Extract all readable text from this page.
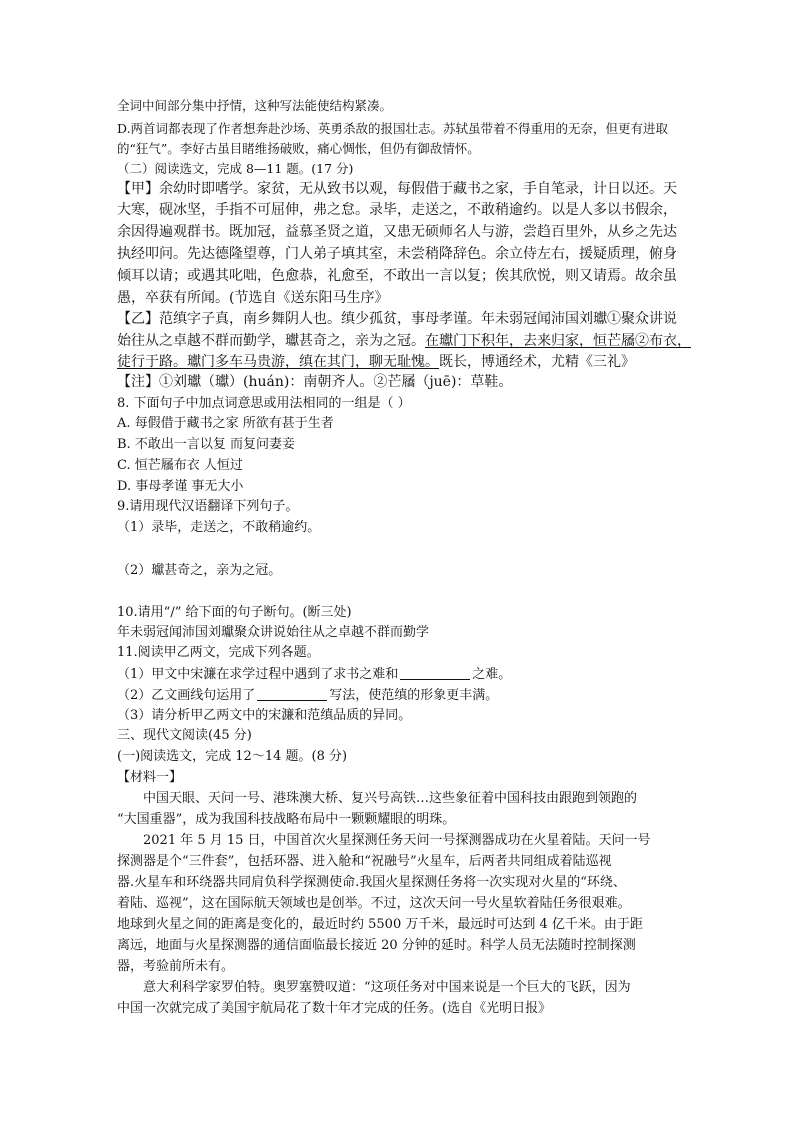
全词中间部分集中抒情，这种写法能使结构紧凑。
D.两首词都表现了作者想奔赴沙场、英勇杀敌的报国壮志。苏轼虽带着不得重用的无奈，但更有进取
的“狂气”。李好古虽目睹维扬破败，痛心惆怅，但仍有御敌情怀。
（二）阅读选文，完成 8—11 题。(17 分)
【甲】余幼时即嗜学。家贫，无从致书以观，每假借于藏书之家，手自笔录，计日以还。天
大寒，砚冰坚，手指不可屈伸，弗之怠。录毕，走送之，不敢稍逾约。以是人多以书假余，
余因得遍观群书。既加冠，益慕圣贤之道，又患无硕师名人与游，尝趋百里外，从乡之先达
执经叩问。先达德隆望尊，门人弟子填其室，未尝稍降辞色。余立侍左右，援疑质理，俯身
倾耳以请；或遇其叱咄，色愈恭，礼愈至，不敢出一言以复；俟其欣悦，则又请焉。故余虽
愚，卒获有所闻。(节选自《送东阳马生序》
【乙】范缜字子真，南乡舞阴人也。缜少孤贫，事母孝谨。年未弱冠闻沛国刘瓛①聚众讲说
始往从之卓越不群而勤学，瓛甚奇之，亲为之冠。在瓛门下积年，去来归家，恒芒屩②布衣，
徒行于路。瓛门多车马贵游，缜在其门，聊无耻愧。既长，博通经术，尤精《三礼》
【注】①刘瓛（瓛）(huán)：南朝齐人。②芒屩（juē)：草鞋。
8. 下面句子中加点词意思或用法相同的一组是（ ）
A. 每假借于藏书之家 所欲有甚于生者
B. 不敢出一言以复 而复问妻妾
C. 恒芒屩布衣 人恒过
D. 事母孝谨 事无大小
9.请用现代汉语翻译下列句子。
（1）录毕，走送之，不敢稍逾约。
（2）瓛甚奇之，亲为之冠。
10.请用“/” 给下面的句子断句。(断三处)
年未弱冠闻沛国刘瓛聚众讲说始往从之卓越不群而勤学
11.阅读甲乙两文，完成下列各题。
（1）甲文中宋濂在求学过程中遇到了求书之难和	之难。
（2）乙文画线句运用了	写法，使范缜的形象更丰满。
（3）请分析甲乙两文中的宋濂和范缜品质的异同。
三、现代文阅读(45 分)
(一)阅读选文，完成 12～14 题。(8 分)
【材料一】
中国天眼、天问一号、港珠澳大桥、复兴号高铁…这些象征着中国科技由跟跑到领跑的
“大国重器”，成为我国科技战略布局中一颗颗耀眼的明珠。
2021 年 5 月 15 日，中国首次火星探测任务天问一号探测器成功在火星着陆。天问一号
探测器是个“三件套”，包括环器、进入舱和“祝融号”火星车，后两者共同组成着陆巡视
器.火星车和环绕器共同肩负科学探测使命.我国火星探测任务将一次实现对火星的“环绕、
着陆、巡视”，这在国际航天领域也是创举。不过，这次天问一号火星软着陆任务很艰难。
地球到火星之间的距离是变化的，最近时约 5500 万千米，最远时可达到 4 亿千米。由于距
离远，地面与火星探测器的通信面临最长接近 20 分钟的延时。科学人员无法随时控制探测
器，考验前所未有。
意大利科学家罗伯特。奥罗塞赞叹道：“这项任务对中国来说是一个巨大的飞跃，因为
中国一次就完成了美国宇航局花了数十年才完成的任务。(选自《光明日报》
